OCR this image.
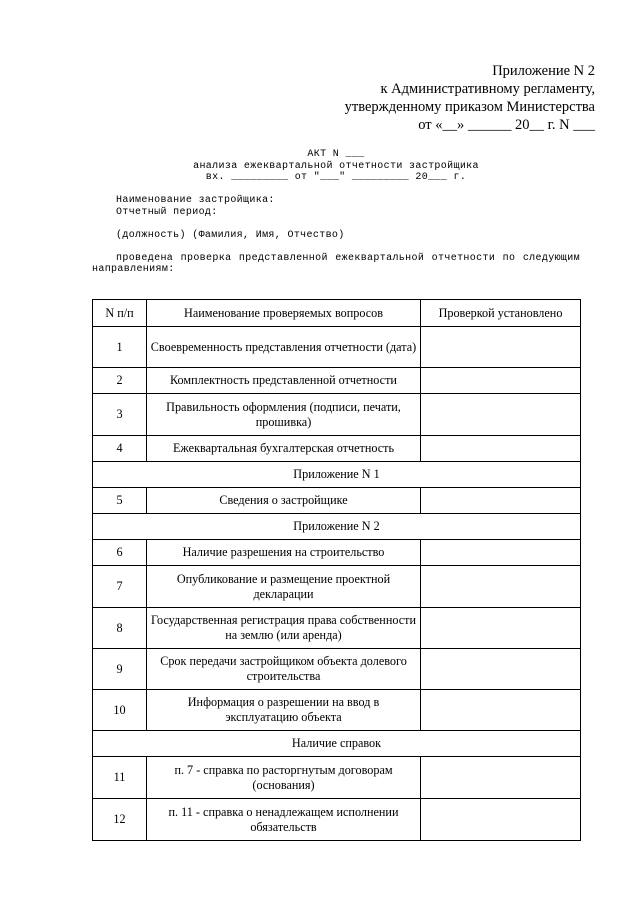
Приложение N 2
к Административному регламенту,
утвержденному приказом Министерства
от «__» ______ 20__ г. N ___
АКТ N ___
анализа ежеквартальной отчетности застройщика
вх. _________ от "___" _________ 20___ г.
Наименование застройщика:
Отчетный период:
(должность) (Фамилия, Имя, Отчество)
проведена проверка представленной ежеквартальной отчетности по следующим направлениям:
N п/п	Наименование проверяемых вопросов	Проверкой установлено
1	Своевременность представления отчетности (дата)	
2	Комплектность представленной отчетности	
3	Правильность оформления (подписи, печати, прошивка)	
4	Ежеквартальная бухгалтерская отчетность	
Приложение N 1		
5	Сведения о застройщике	
Приложение N 2		
6	Наличие разрешения на строительство	
7	Опубликование и размещение проектной декларации	
8	Государственная регистрация права собственности на землю (или аренда)	
9	Срок передачи застройщиком объекта долевого строительства	
10	Информация о разрешении на ввод в эксплуатацию объекта	
Наличие справок		
11	п. 7 - справка по расторгнутым договорам (основания)	
12	п. 11 - справка о ненадлежащем исполнении обязательств	
